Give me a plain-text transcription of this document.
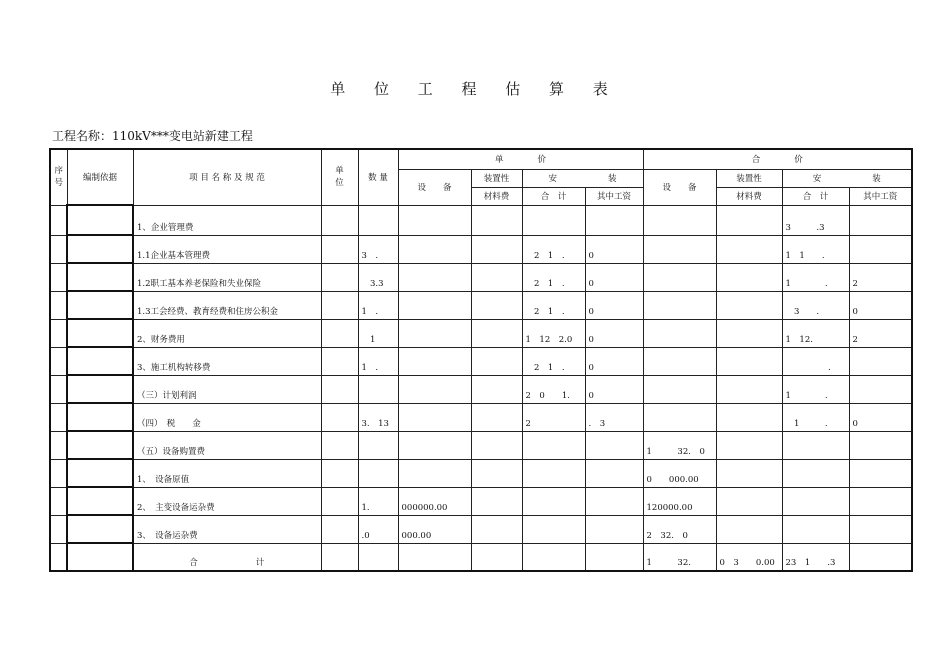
单 位 工 程 估 算 表
工程名称：110kV***变电站新建工程
序号	编制依据	项 目 名 称 及 规 范	单位	数 量	单　　　　价				合　　　　价			
					设　　备	装置性	安　　　　　　装		设　　备	装置性	安　　　　　　装	
						材料费	合　计	其中工资		材料费	合　计	其中工资
		1、企业管理费									3　　　.3	
		1.1企业基本管理费		3　.			　2　1　.	0			1　1　　.	
		1.2职工基本养老保险和失业保险		　3.3			　2　1　.	0			1　　　　.	2
		1.3工会经费、教育经费和住房公积金		1　.			　2　1　.	0			　3　　.	0
		2、财务费用		　1			1　12　2.0	0			1　12.	2
		3、施工机构转移费		1　.			　2　1　.	0			　　　　　.	
		（三）计划利润					2　0　　1.	0			1　　　　.	
		（四）　税　　金		3.　13			2	.　3			　1　　　.	0
		（五）设备购置费							1　　　32.　0			
		1、　设备原值							0　　000.00			
		2、　主变设备运杂费		1.	000000.00				120000.00			
		3、　设备运杂费		.0	000.00				2　32.　0			
		合　　　　　　计							1　　　32.	0　3　　0.00	23　1　　.3	
